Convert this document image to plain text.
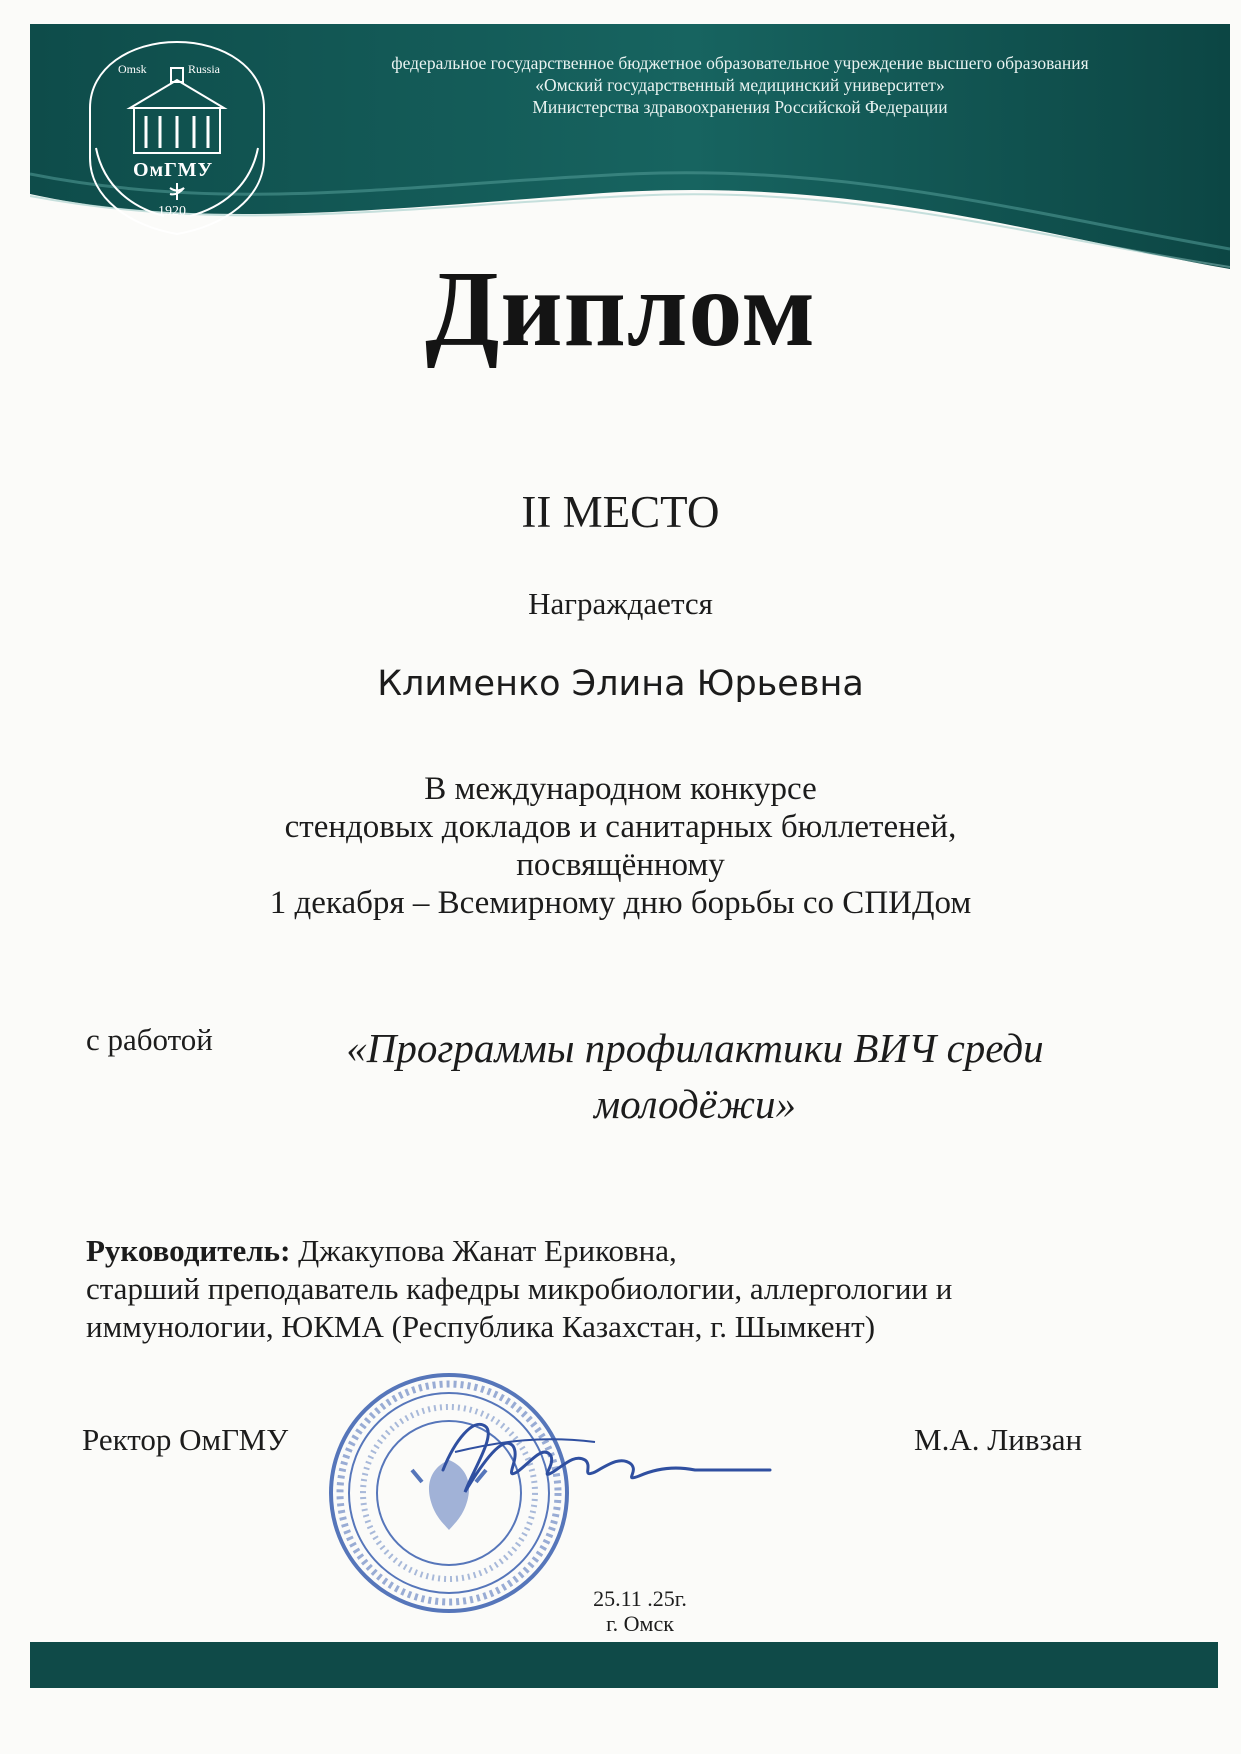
Omsk	Russia
ОмГМУ
1920
федеральное государственное бюджетное образовательное учреждение высшего образования
«Омский государственный медицинский университет»
Министерства здравоохранения Российской Федерации
Диплом
II МЕСТО
Награждается
Клименко Элина Юрьевна
В международном конкурсе
стендовых докладов и санитарных бюллетеней,
посвящённому
1 декабря – Всемирному дню борьбы со СПИДом
с работой	«Программы профилактики ВИЧ среди
молодёжи»
Руководитель: Джакупова Жанат Ериковна,
старший преподаватель кафедры микробиологии, аллергологии и
иммунологии, ЮКМА (Республика Казахстан, г. Шымкент)
Ректор ОмГМУ	М.А. Ливзан
25.11 .25г.
г. Омск
